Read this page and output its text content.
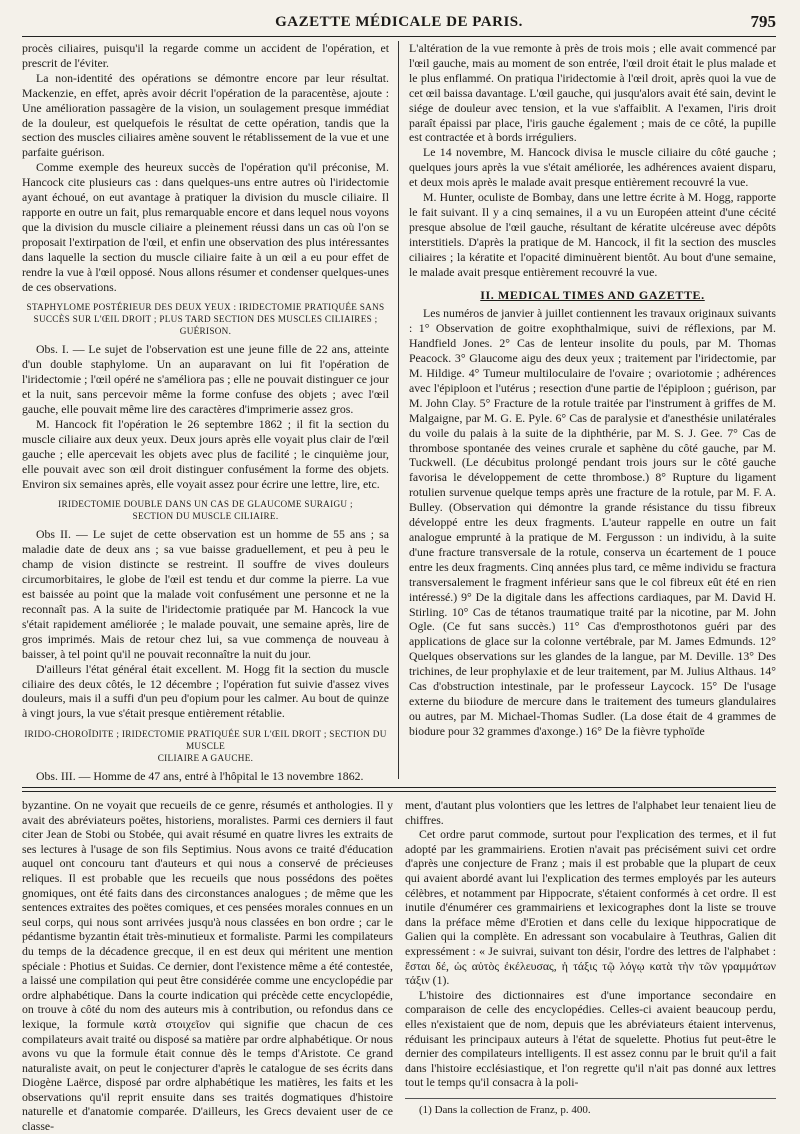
GAZETTE MÉDICALE DE PARIS.	795

procès ciliaires, puisqu'il la regarde comme un accident de l'opération, et prescrit de l'éviter.

La non-identité des opérations se démontre encore par leur résultat. Mackenzie, en effet, après avoir décrit l'opération de la paracentèse, ajoute : Une amélioration passagère de la vision, un soulagement presque immédiat de la douleur, est quelquefois le résultat de cette opération, tandis que la section des muscles ciliaires amène souvent le rétablissement de la vue et une parfaite guérison.

Comme exemple des heureux succès de l'opération qu'il préconise, M. Hancock cite plusieurs cas : dans quelques-uns entre autres où l'iridectomie ayant échoué, on eut avantage à pratiquer la division du muscle ciliaire. Il rapporte en outre un fait, plus remarquable encore et dans lequel nous voyons que la division du muscle ciliaire a pleinement réussi dans un cas où l'on se proposait l'extirpation de l'œil, et enfin une observation des plus intéressantes dans laquelle la section du muscle ciliaire faite à un œil a eu pour effet de rendre la vue à l'œil opposé. Nous allons résumer et condenser quelques-unes de ces observations.

STAPHYLOME POSTÉRIEUR DES DEUX YEUX : IRIDECTOMIE PRATIQUÉE SANS SUCCÈS SUR L'ŒIL DROIT ; PLUS TARD SECTION DES MUSCLES CILIAIRES ; GUÉRISON.

Obs. I. — Le sujet de l'observation est une jeune fille de 22 ans, atteinte d'un double staphylome. Un an auparavant on lui fit l'opération de l'iridectomie ; l'œil opéré ne s'améliora pas ; elle ne pouvait distinguer ce jour et la nuit, sans percevoir même la forme confuse des objets ; avec l'œil gauche, elle pouvait même lire des caractères d'imprimerie assez gros.

M. Hancock fit l'opération le 26 septembre 1862 ; il fit la section du muscle ciliaire aux deux yeux. Deux jours après elle voyait plus clair de l'œil gauche ; elle apercevait les objets avec plus de facilité ; le cinquième jour, elle pouvait avec son œil droit distinguer confusément la forme des objets. Environ six semaines après, elle voyait assez pour écrire une lettre, lire, etc.

IRIDECTOMIE DOUBLE DANS UN CAS DE GLAUCOME SURAIGU ;
SECTION DU MUSCLE CILIAIRE.

Obs II. — Le sujet de cette observation est un homme de 55 ans ; sa maladie date de deux ans ; sa vue baisse graduellement, et peu à peu le champ de vision distincte se restreint. Il souffre de vives douleurs circumorbitaires, le globe de l'œil est tendu et dur comme la pierre. La vue est baissée au point que la malade voit confusément une personne et ne la reconnaît pas. A la suite de l'iridectomie pratiquée par M. Hancock la vue s'était rapidement améliorée ; le malade pouvait, une semaine après, lire de gros imprimés. Mais de retour chez lui, sa vue commença de nouveau à baisser, à tel point qu'il ne pouvait reconnaître la nuit du jour.

D'ailleurs l'état général était excellent. M. Hogg fit la section du muscle ciliaire des deux côtés, le 12 décembre ; l'opération fut suivie d'assez vives douleurs, mais il a suffi d'un peu d'opium pour les calmer. Au bout de quinze à vingt jours, la vue s'était presque entièrement rétablie.

IRIDO-CHOROÏDITE ; IRIDECTOMIE PRATIQUÉE SUR L'ŒIL DROIT ; SECTION DU MUSCLE
CILIAIRE A GAUCHE.

Obs. III. — Homme de 47 ans, entré à l'hôpital le 13 novembre 1862.

L'altération de la vue remonte à près de trois mois ; elle avait commencé par l'œil gauche, mais au moment de son entrée, l'œil droit était le plus malade et le plus enflammé. On pratiqua l'iridectomie à l'œil droit, après quoi la vue de cet œil baissa davantage. L'œil gauche, qui jusqu'alors avait été sain, devint le siége de douleur avec tension, et la vue s'affaiblit. A l'examen, l'iris droit paraît épaissi par place, l'iris gauche également ; mais de ce côté, la pupille est contractée et à bords irréguliers.

Le 14 novembre, M. Hancock divisa le muscle ciliaire du côté gauche ; quelques jours après la vue s'était améliorée, les adhérences avaient disparu, et deux mois après le malade avait presque entièrement recouvré la vue.

M. Hunter, oculiste de Bombay, dans une lettre écrite à M. Hogg, rapporte le fait suivant. Il y a cinq semaines, il a vu un Européen atteint d'une cécité presque absolue de l'œil gauche, résultant de kératite ulcéreuse avec dépôts interstitiels. D'après la pratique de M. Hancock, il fit la section des muscles ciliaires ; la kératite et l'opacité diminuèrent bientôt. Au bout d'une semaine, le malade avait presque entièrement recouvré la vue.

II. MEDICAL TIMES AND GAZETTE.

Les numéros de janvier à juillet contiennent les travaux originaux suivants : 1° Observation de goitre exophthalmique, suivi de réflexions, par M. Handfield Jones. 2° Cas de lenteur insolite du pouls, par M. Thomas Peacock. 3° Glaucome aigu des deux yeux ; traitement par l'iridectomie, par M. Hildige. 4° Tumeur multiloculaire de l'ovaire ; ovariotomie ; adhérences avec l'épiploon et l'utérus ; resection d'une partie de l'épiploon ; guérison, par M. John Clay. 5° Fracture de la rotule traitée par l'instrument à griffes de M. Malgaigne, par M. G. E. Pyle. 6° Cas de paralysie et d'anesthésie unilatérales du voile du palais à la suite de la diphthérie, par M. S. J. Gee. 7° Cas de thrombose spontanée des veines crurale et saphène du côté gauche, par M. Tuckwell. (Le décubitus prolongé pendant trois jours sur le côté gauche favorisa le développement de cette thrombose.) 8° Rupture du ligament rotulien survenue quelque temps après une fracture de la rotule, par M. F. A. Bulley. (Observation qui démontre la grande résistance du tissu fibreux développé entre les deux fragments. L'auteur rappelle en outre un fait analogue emprunté à la pratique de M. Fergusson : un individu, à la suite d'une fracture transversale de la rotule, conserva un écartement de 1 pouce entre les deux fragments. Cinq années plus tard, ce même individu se fractura transversalement le fragment inférieur sans que le col fibreux eût été en rien intéressé.) 9° De la digitale dans les affections cardiaques, par M. David H. Stirling. 10° Cas de tétanos traumatique traité par la nicotine, par M. John Ogle. (Ce fut sans succès.) 11° Cas d'emprosthotonos guéri par des applications de glace sur la colonne vertébrale, par M. James Edmunds. 12° Quelques observations sur les glandes de la langue, par M. Deville. 13° Des trichines, de leur prophylaxie et de leur traitement, par M. Julius Althaus. 14° Cas d'obstruction intestinale, par le professeur Laycock. 15° De l'usage externe du biiodure de mercure dans le traitement des tumeurs glandulaires ou autres, par M. Michael-Thomas Sudler. (La dose était de 4 grammes de biodure pour 32 grammes d'axonge.) 16° De la fièvre typhoïde

byzantine. On ne voyait que recueils de ce genre, résumés et anthologies. Il y avait des abréviateurs poëtes, historiens, moralistes. Parmi ces derniers il faut citer Jean de Stobi ou Stobée, qui avait résumé en quatre livres les extraits de ses lectures à l'usage de son fils Septimius. Nous avons ce traité d'éducation auquel ont concouru tant d'auteurs et qui nous a conservé de précieuses reliques. Il est probable que les recueils que nous possédons des poëtes gnomiques, ont été faits dans des circonstances analogues ; de même que les sentences extraites des poëtes comiques, et ces pensées morales connues en un seul corps, qui nous sont arrivées jusqu'à nous classées en bon ordre ; car le pédantisme byzantin était très-minutieux et formaliste. Parmi les compilateurs du temps de la décadence grecque, il en est deux qui méritent une mention spéciale : Photius et Suidas. Ce dernier, dont l'existence même a été contestée, a laissé une compilation qui peut être considérée comme une encyclopédie par ordre alphabétique. Dans la courte indication qui précède cette encyclopédie, on trouve à côté du nom des auteurs mis à contribution, ou refondus dans ce lexique, la formule κατὰ στοιχεῖον qui signifie que chacun de ces compilateurs avait traité ou disposé sa matière par ordre alphabétique. Or nous avons vu que la formule était connue dès le temps d'Aristote. Ce grand naturaliste avait, on peut le conjecturer d'après le catalogue de ses écrits dans Diogène Laërce, disposé par ordre alphabétique les matières, les faits et les observations qu'il reprit ensuite dans ses traités dogmatiques d'histoire naturelle et d'anatomie comparée. D'ailleurs, les Grecs devaient user de ce classe-

ment, d'autant plus volontiers que les lettres de l'alphabet leur tenaient lieu de chiffres.

Cet ordre parut commode, surtout pour l'explication des termes, et il fut adopté par les grammairiens. Erotien n'avait pas précisément suivi cet ordre d'après une conjecture de Franz ; mais il est probable que la plupart de ceux qui avaient abordé avant lui l'explication des termes employés par les auteurs célèbres, et notamment par Hippocrate, s'étaient conformés à cet ordre. Il est inutile d'énumérer ces grammairiens et lexicographes dont la liste se trouve dans la préface même d'Erotien et dans celle du lexique hippocratique de Galien qui la complète. En adressant son vocabulaire à Teuthras, Galien dit expressément : « Je suivrai, suivant ton désir, l'ordre des lettres de l'alphabet : ἔσται δέ, ὡς αὐτὸς ἐκέλευσας, ἡ τάξις τῷ λόγῳ κατὰ τὴν τῶν γραμμάτων τάξιν (1).

L'histoire des dictionnaires est d'une importance secondaire en comparaison de celle des encyclopédies. Celles-ci avaient beaucoup perdu, elles n'existaient que de nom, depuis que les abréviateurs étaient intervenus, réduisant les principaux auteurs à l'état de squelette. Photius fut peut-être le dernier des compilateurs intelligents. Il est assez connu par le bruit qu'il a fait dans l'histoire ecclésiastique, et l'on regrette qu'il n'ait pas donné aux lettres tout le temps qu'il consacra à la poli-

(1) Dans la collection de Franz, p. 400.
